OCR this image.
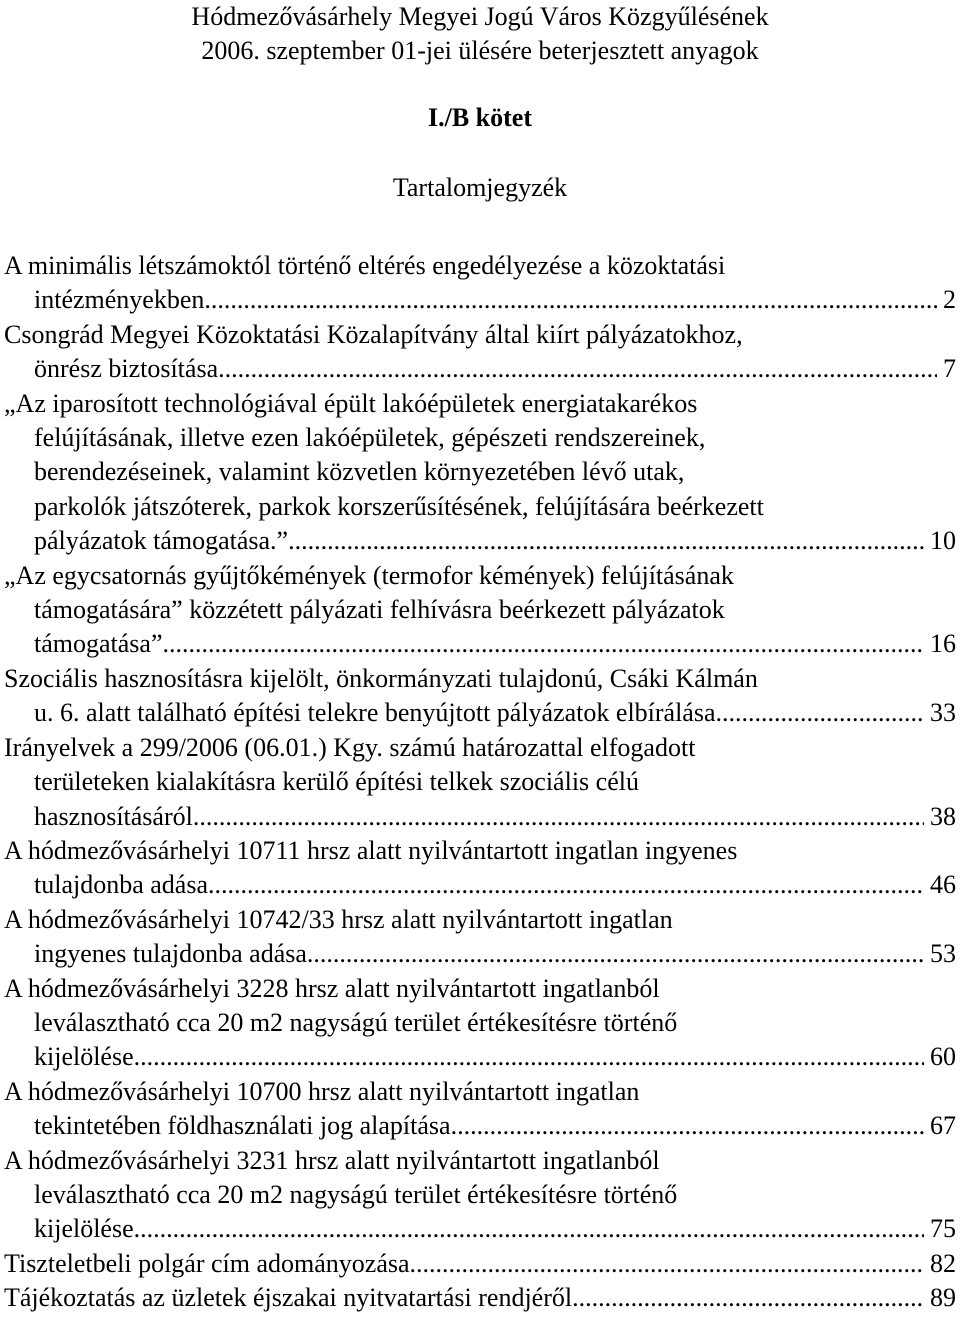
Hódmezővásárhely Megyei Jogú Város Közgyűlésének
2006. szeptember 01-jei ülésére beterjesztett anyagok
I./B kötet
Tartalomjegyzék
A minimális létszámoktól történő eltérés engedélyezése a közoktatási
intézményekben. .....	2
Csongrád Megyei Közoktatási Közalapítvány által kiírt pályázatokhoz,
önrész biztosítása. .....	7
„Az iparosított technológiával épült lakóépületek energiatakarékos
felújításának, illetve ezen lakóépületek, gépészeti rendszereinek,
berendezéseinek, valamint közvetlen környezetében lévő utak,
parkolók játszóterek, parkok korszerűsítésének, felújítására beérkezett
pályázatok támogatása.” .....	10
„Az egycsatornás gyűjtőkémények (termofor kémények) felújításának
támogatására” közzétett pályázati felhívásra beérkezett pályázatok
támogatása” .....	16
Szociális hasznosításra kijelölt, önkormányzati tulajdonú, Csáki Kálmán
u. 6. alatt található építési telekre benyújtott pályázatok elbírálása .....	33
Irányelvek a 299/2006 (06.01.) Kgy. számú határozattal elfogadott
területeken kialakításra kerülő építési telkek szociális célú
hasznosításáról .....	38
A hódmezővásárhelyi 10711 hrsz alatt nyilvántartott ingatlan ingyenes
tulajdonba adása .....	46
A hódmezővásárhelyi 10742/33 hrsz alatt nyilvántartott ingatlan
ingyenes tulajdonba adása .....	53
A hódmezővásárhelyi 3228 hrsz alatt nyilvántartott ingatlanból
leválasztható cca 20 m2 nagyságú terület értékesítésre történő
kijelölése .....	60
A hódmezővásárhelyi 10700 hrsz alatt nyilvántartott ingatlan
tekintetében földhasználati jog alapítása .....	67
A hódmezővásárhelyi 3231 hrsz alatt nyilvántartott ingatlanból
leválasztható cca 20 m2 nagyságú terület értékesítésre történő
kijelölése .....	75
Tiszteletbeli polgár cím adományozása .....	82
Tájékoztatás az üzletek éjszakai nyitvatartási rendjéről .....	89
